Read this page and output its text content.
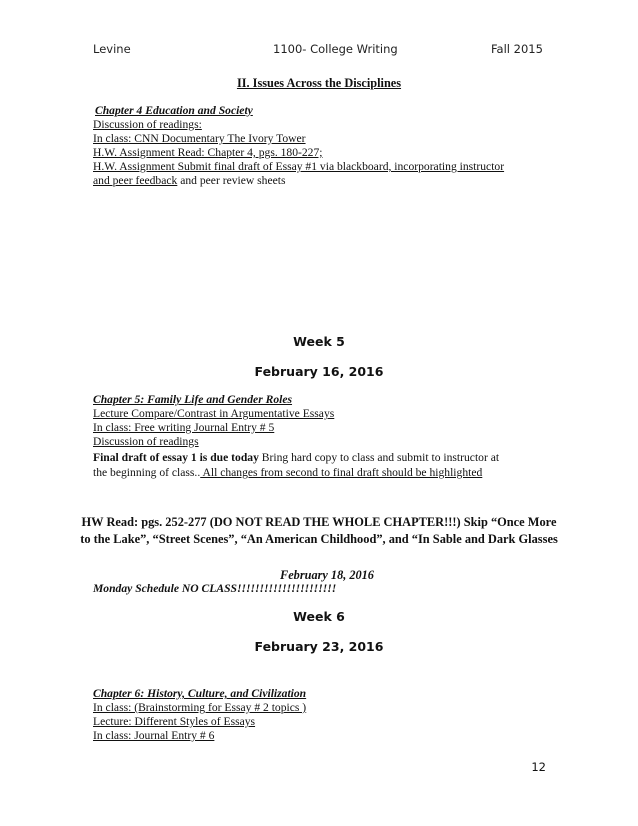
Levine	1100- College Writing	Fall 2015
II. Issues Across the Disciplines
Chapter 4 Education and Society
Discussion of readings:
In class: CNN Documentary The Ivory Tower
H.W. Assignment Read: Chapter 4, pgs. 180-227;
H.W. Assignment Submit final draft of Essay #1 via blackboard, incorporating instructor
and peer feedback and peer review sheets
Week 5
February 16, 2016
Chapter 5: Family Life and Gender Roles
Lecture Compare/Contrast in Argumentative Essays
In class: Free writing Journal Entry # 5
Discussion of readings
Final draft of essay 1 is due today Bring hard copy to class and submit to instructor at
the beginning of class.. All changes from second to final draft should be highlighted
HW Read: pgs. 252-277 (DO NOT READ THE WHOLE CHAPTER!!!) Skip “Once More to the Lake”, “Street Scenes”, “An American Childhood”, and “In Sable and Dark Glasses
February 18, 2016
Monday Schedule NO CLASS!!!!!!!!!!!!!!!!!!!!!!
Week 6
February 23, 2016
Chapter 6: History, Culture, and Civilization
In class: (Brainstorming for Essay # 2 topics )
Lecture: Different Styles of Essays
In class: Journal Entry # 6
12
